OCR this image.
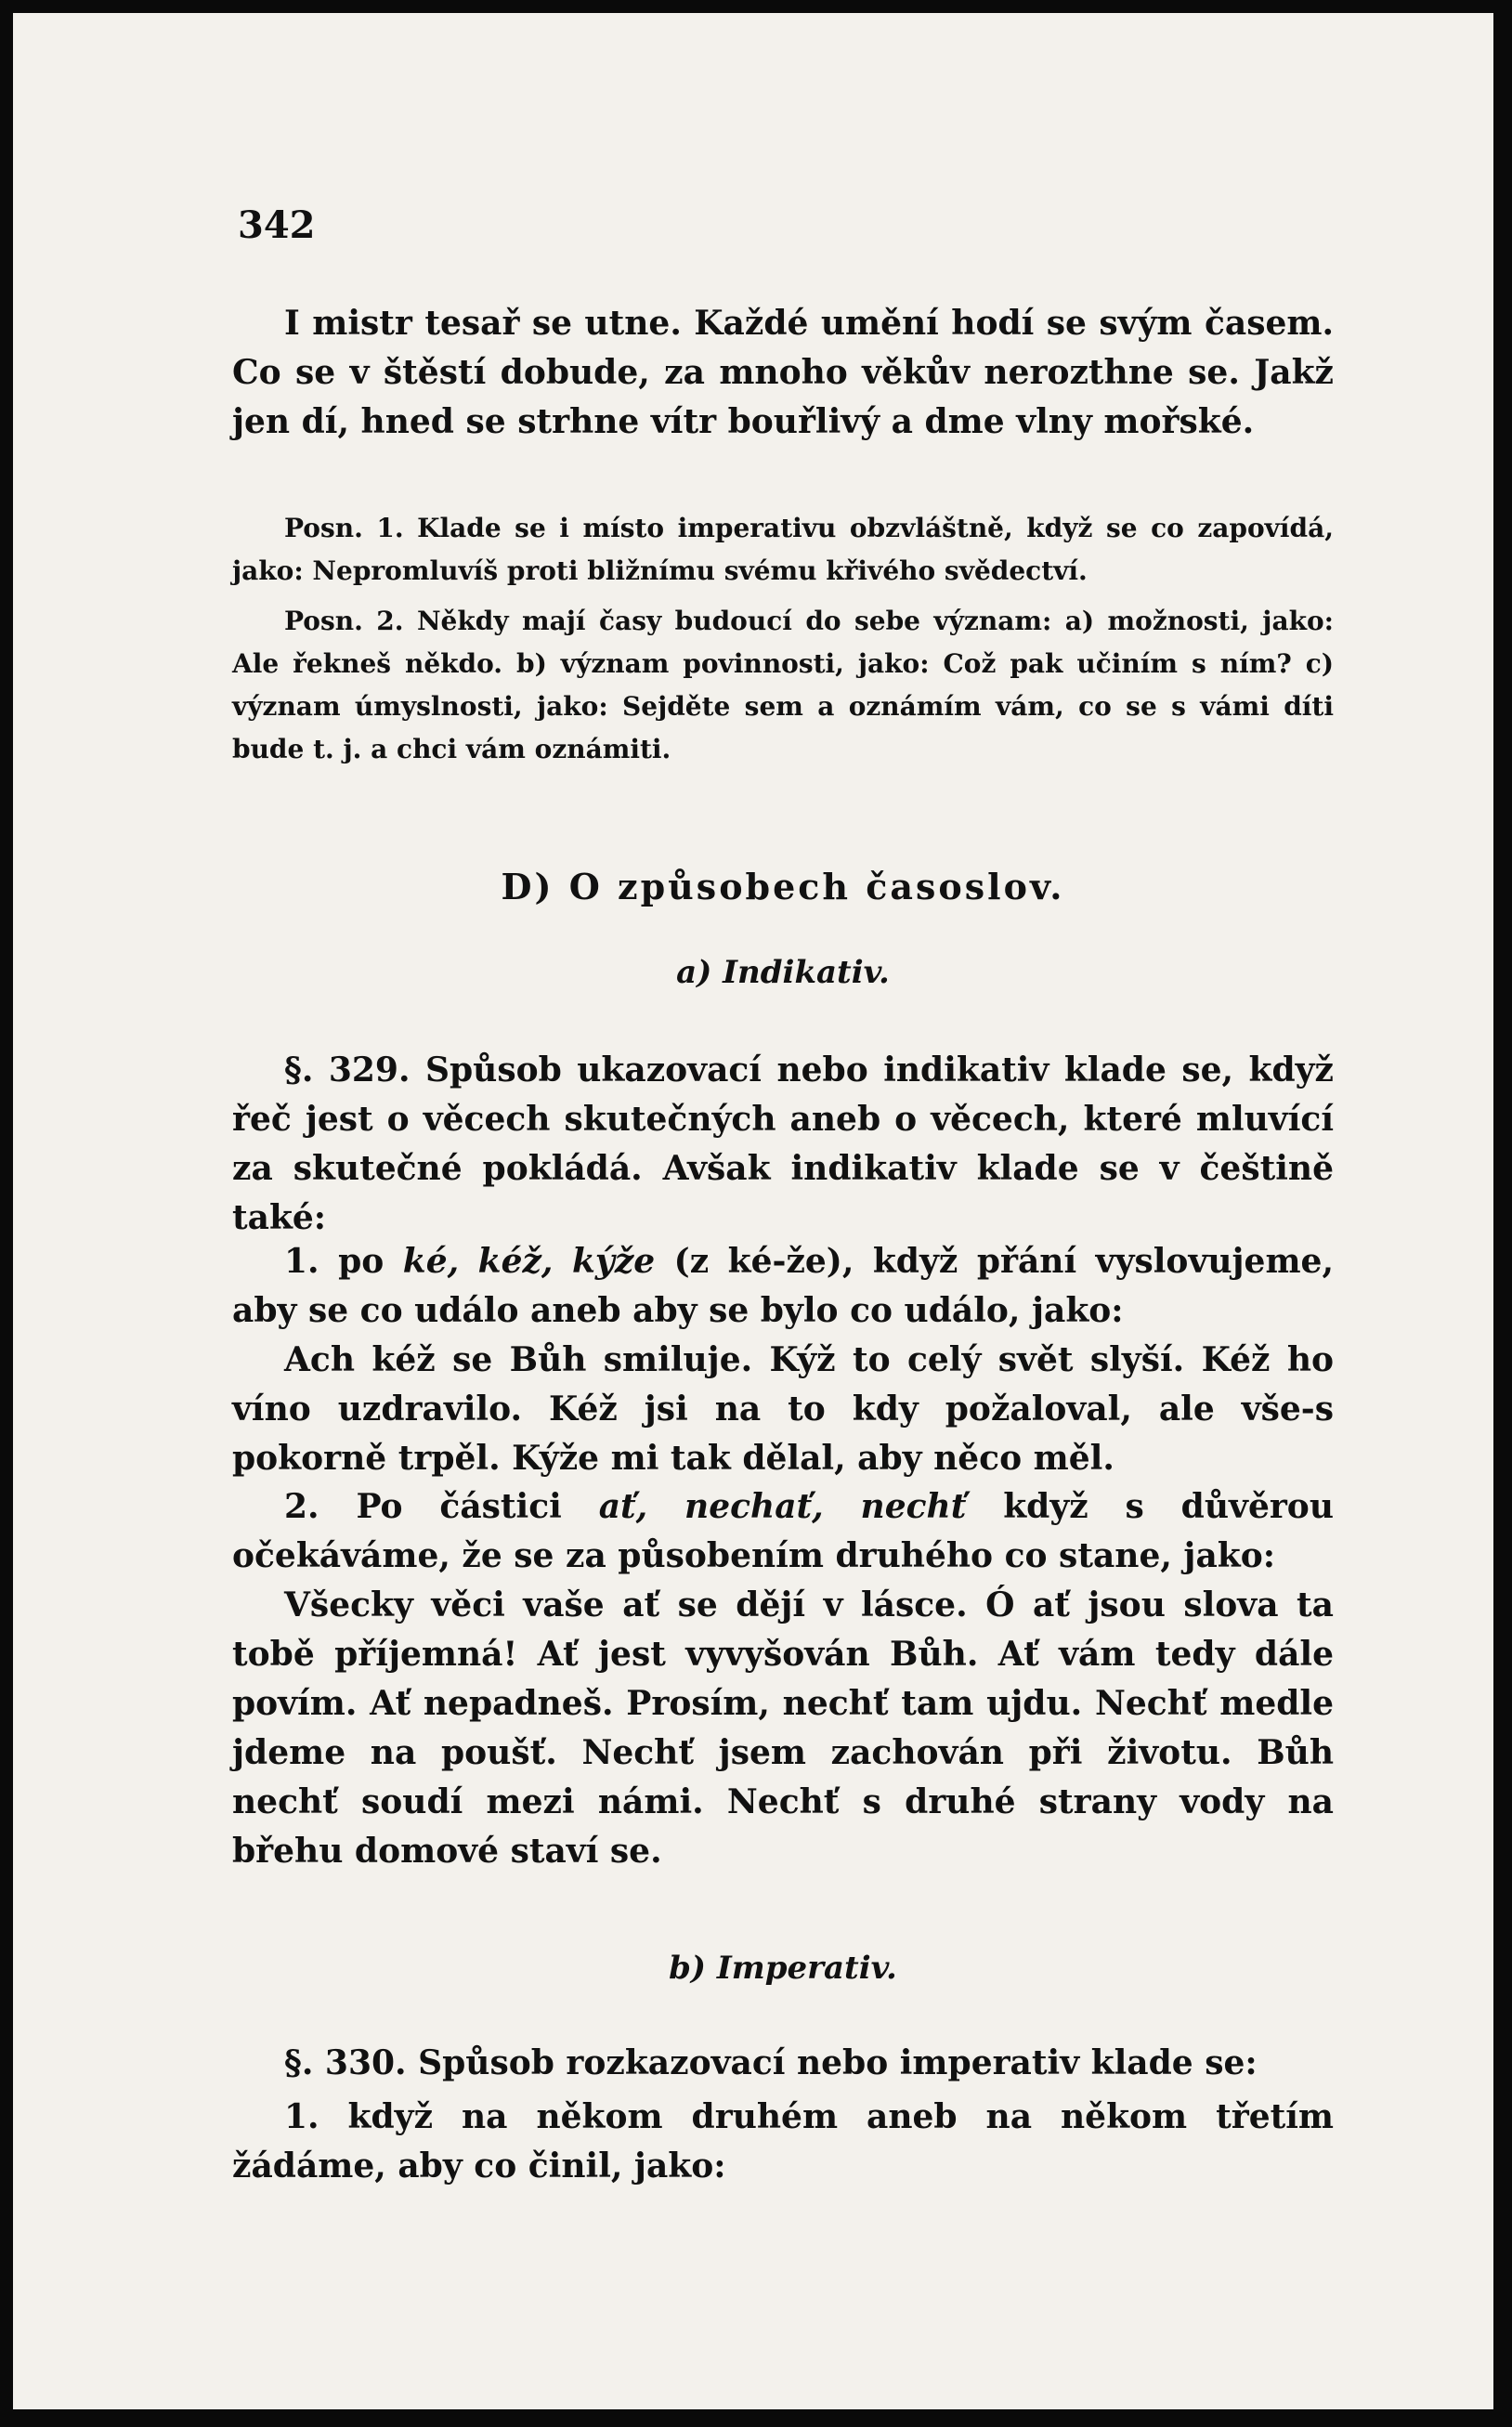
342
I mistr tesař se utne. Každé umění hodí se svým časem. Co se v štěstí dobude, za mnoho věkův nerozthne se. Jakž jen dí, hned se strhne vítr bouřlivý a dme vlny mořské.
Posn. 1. Klade se i místo imperativu obzvláštně, když se co zapovídá, jako: Nepromluvíš proti bližnímu svému křivého svědectví.
Posn. 2. Někdy mají časy budoucí do sebe význam: a) možnosti, jako: Ale řekneš někdo. b) význam povinnosti, jako: Což pak učiním s ním? c) význam úmyslnosti, jako: Sejděte sem a oznámím vám, co se s vámi díti bude t. j. a chci vám oznámiti.
D) O způsobech časoslov.
a) Indikativ.
§. 329. Spůsob ukazovací nebo indikativ klade se, když řeč jest o věcech skutečných aneb o věcech, které mluvící za skutečné pokládá. Avšak indikativ klade se v češtině také:
1. po ké, kéž, kýže (z ké-že), když přání vyslovujeme, aby se co událo aneb aby se bylo co událo, jako:
Ach kéž se Bůh smiluje. Kýž to celý svět slyší. Kéž ho víno uzdravilo. Kéž jsi na to kdy požaloval, ale vše-s pokorně trpěl. Kýže mi tak dělal, aby něco měl.
2. Po částici ať, nechať, nechť když s důvěrou očekáváme, že se za působením druhého co stane, jako:
Všecky věci vaše ať se dějí v lásce. Ó ať jsou slova ta tobě příjemná! Ať jest vyvyšován Bůh. Ať vám tedy dále povím. Ať nepadneš. Prosím, nechť tam ujdu. Nechť medle jdeme na poušť. Nechť jsem zachován při životu. Bůh nechť soudí mezi námi. Nechť s druhé strany vody na břehu domové staví se.
b) Imperativ.
§. 330. Spůsob rozkazovací nebo imperativ klade se:
1. když na někom druhém aneb na někom třetím žádáme, aby co činil, jako:
